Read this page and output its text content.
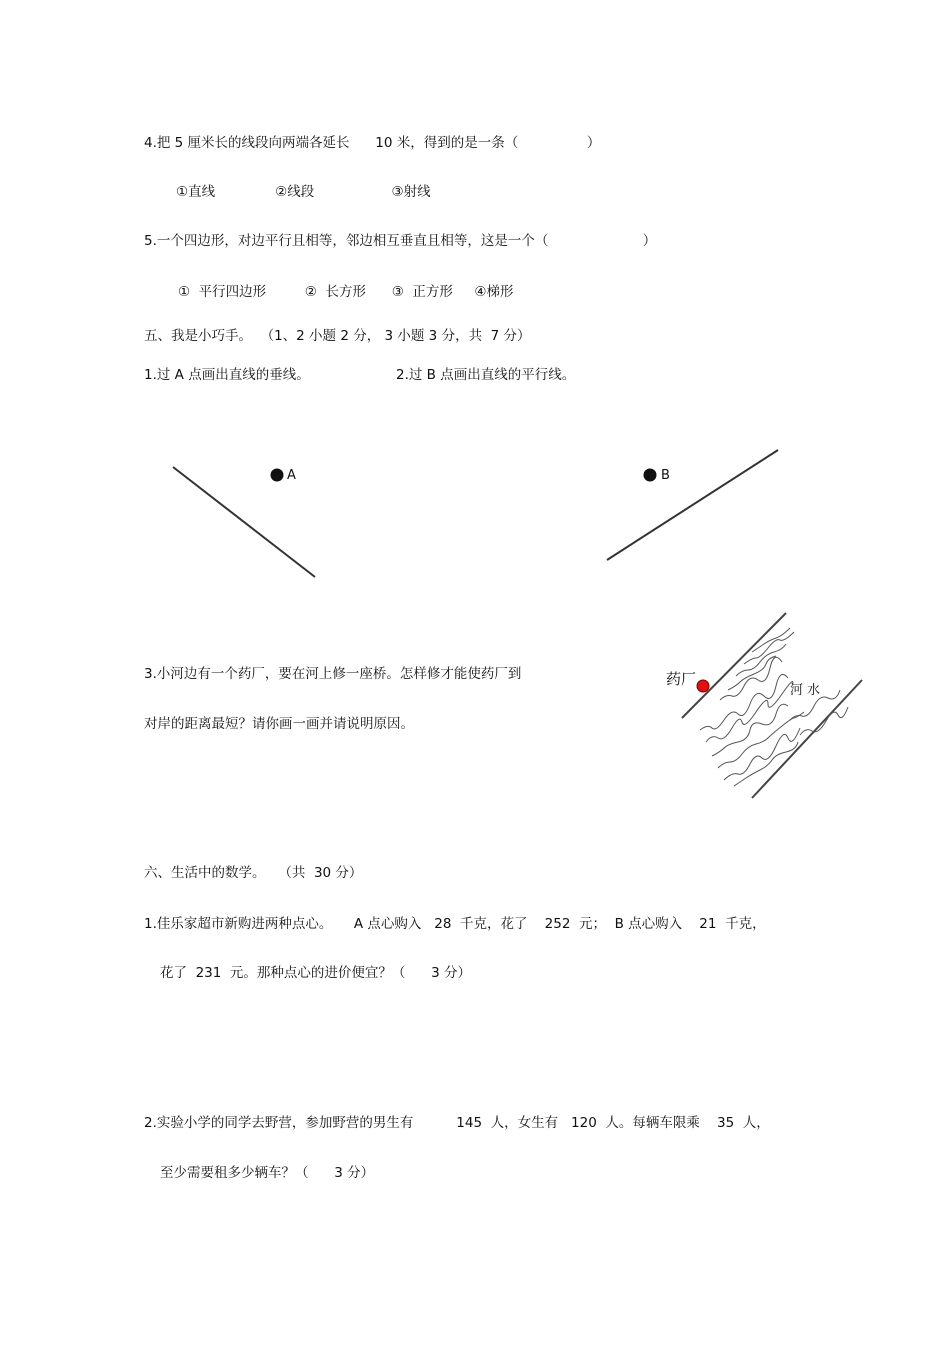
4.把 5 厘米长的线段向两端各延长      10 米，得到的是一条（                ）
①直线              ②线段                  ③射线
5.一个四边形，对边平行且相等，邻边相互垂直且相等，这是一个（                      ）
①  平行四边形         ②  长方形      ③  正方形     ④梯形
五、我是小巧手。  （1、2 小题 2 分， 3 小题 3 分，共  7 分）
1.过 A 点画出直线的垂线。	2.过 B 点画出直线的平行线。
A	B
3.小河边有一个药厂，要在河上修一座桥。怎样修才能使药厂到
对岸的距离最短？请你画一画并请说明原因。
药厂
河水
六、生活中的数学。   （共  30 分）
1.佳乐家超市新购进两种点心。     A 点心购入   28  千克，花了    252  元；  B 点心购入    21  千克，
花了  231  元。那种点心的进价便宜？（      3 分）
2.实验小学的同学去野营，参加野营的男生有          145  人，女生有   120  人。每辆车限乘    35  人，
至少需要租多少辆车？（      3 分）
